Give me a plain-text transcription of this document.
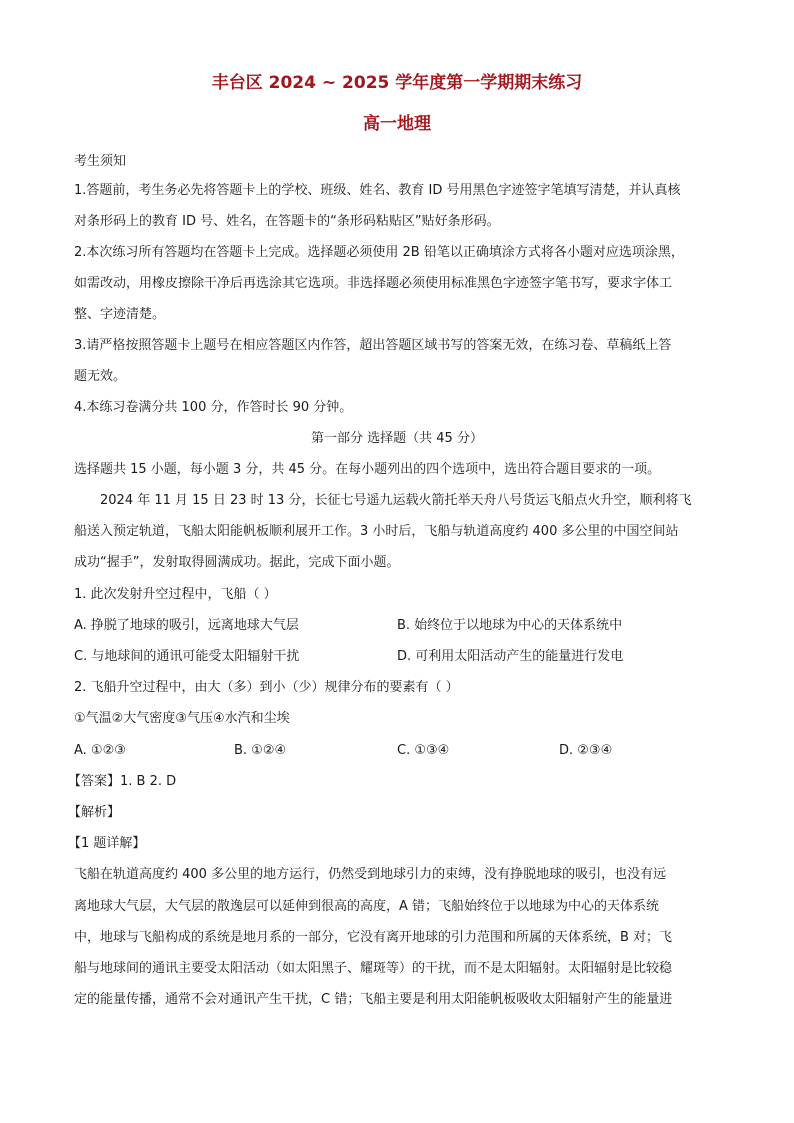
丰台区 2024 ~ 2025 学年度第一学期期末练习
高一地理

考生须知

1.答题前，考生务必先将答题卡上的学校、班级、姓名、教育 ID 号用黑色字迹签字笔填写清楚，并认真核

对条形码上的教育 ID 号、姓名，在答题卡的“条形码粘贴区”贴好条形码。

2.本次练习所有答题均在答题卡上完成。选择题必须使用 2B 铅笔以正确填涂方式将各小题对应选项涂黑，

如需改动，用橡皮擦除干净后再选涂其它选项。非选择题必须使用标准黑色字迹签字笔书写，要求字体工

整、字迹清楚。

3.请严格按照答题卡上题号在相应答题区内作答，超出答题区域书写的答案无效，在练习卷、草稿纸上答

题无效。

4.本练习卷满分共 100 分，作答时长 90 分钟。

第一部分 选择题（共 45 分）

选择题共 15 小题，每小题 3 分，共 45 分。在每小题列出的四个选项中，选出符合题目要求的一项。

2024 年 11 月 15 日 23 时 13 分，长征七号遥九运载火箭托举天舟八号货运飞船点火升空，顺利将飞

船送入预定轨道，飞船太阳能帆板顺利展开工作。3 小时后，飞船与轨道高度约 400 多公里的中国空间站

成功“握手”，发射取得圆满成功。据此，完成下面小题。

1. 此次发射升空过程中，飞船（ ）

A. 挣脱了地球的吸引，远离地球大气层	B. 始终位于以地球为中心的天体系统中

C. 与地球间的通讯可能受太阳辐射干扰	D. 可利用太阳活动产生的能量进行发电

2. 飞船升空过程中，由大（多）到小（少）规律分布的要素有（ ）

①气温②大气密度③气压④水汽和尘埃

A. ①②③	B. ①②④	C. ①③④	D. ②③④

【答案】1. B 2. D

【解析】

【1 题详解】

飞船在轨道高度约 400 多公里的地方运行，仍然受到地球引力的束缚，没有挣脱地球的吸引，也没有远

离地球大气层，大气层的散逸层可以延伸到很高的高度，A 错；飞船始终位于以地球为中心的天体系统

中，地球与飞船构成的系统是地月系的一部分，它没有离开地球的引力范围和所属的天体系统，B 对；飞

船与地球间的通讯主要受太阳活动（如太阳黑子、耀斑等）的干扰，而不是太阳辐射。太阳辐射是比较稳

定的能量传播，通常不会对通讯产生干扰，C 错；飞船主要是利用太阳能帆板吸收太阳辐射产生的能量进
